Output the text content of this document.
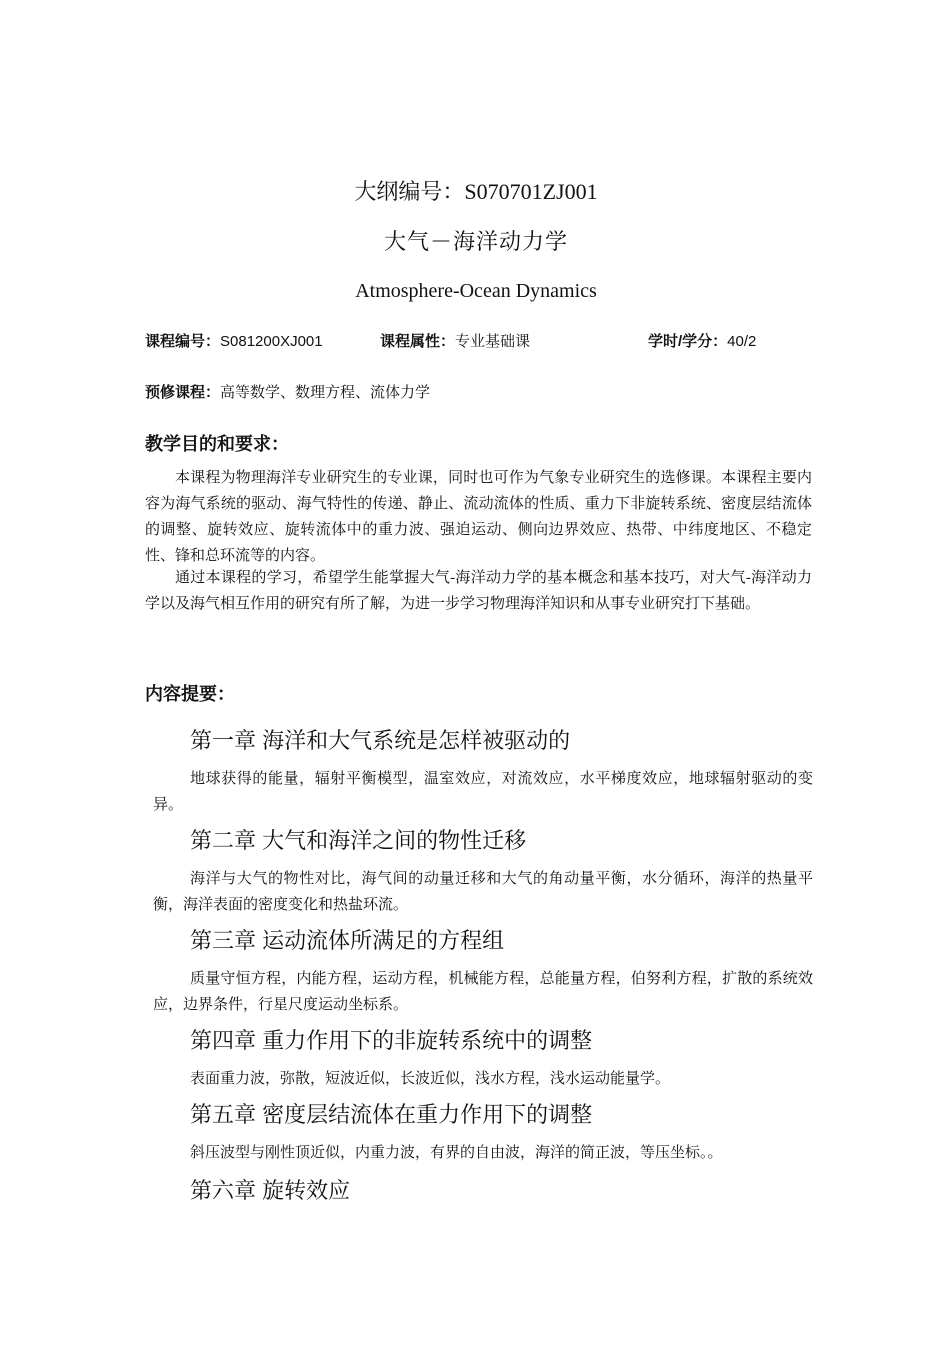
大纲编号：S070701ZJ001
大气－海洋动力学
Atmosphere-Ocean Dynamics
课程编号：S081200XJ001	课程属性：专业基础课	学时/学分：40/2
预修课程：高等数学、数理方程、流体力学
教学目的和要求：

本课程为物理海洋专业研究生的专业课，同时也可作为气象专业研究生的选修课。本课程主要内容为海气系统的驱动、海气特性的传递、静止、流动流体的性质、重力下非旋转系统、密度层结流体的调整、旋转效应、旋转流体中的重力波、强迫运动、侧向边界效应、热带、中纬度地区、不稳定性、锋和总环流等的内容。

通过本课程的学习，希望学生能掌握大气-海洋动力学的基本概念和基本技巧，对大气-海洋动力学以及海气相互作用的研究有所了解，为进一步学习物理海洋知识和从事专业研究打下基础。

内容提要：
第一章 海洋和大气系统是怎样被驱动的

地球获得的能量，辐射平衡模型，温室效应，对流效应，水平梯度效应，地球辐射驱动的变异。

第二章 大气和海洋之间的物性迁移

海洋与大气的物性对比，海气间的动量迁移和大气的角动量平衡，水分循环，海洋的热量平衡，海洋表面的密度变化和热盐环流。

第三章 运动流体所满足的方程组

质量守恒方程，内能方程，运动方程，机械能方程，总能量方程，伯努利方程，扩散的系统效应，边界条件，行星尺度运动坐标系。

第四章 重力作用下的非旋转系统中的调整

表面重力波，弥散，短波近似，长波近似，浅水方程，浅水运动能量学。

第五章 密度层结流体在重力作用下的调整

斜压波型与刚性顶近似，内重力波，有界的自由波，海洋的简正波，等压坐标。。

第六章 旋转效应
